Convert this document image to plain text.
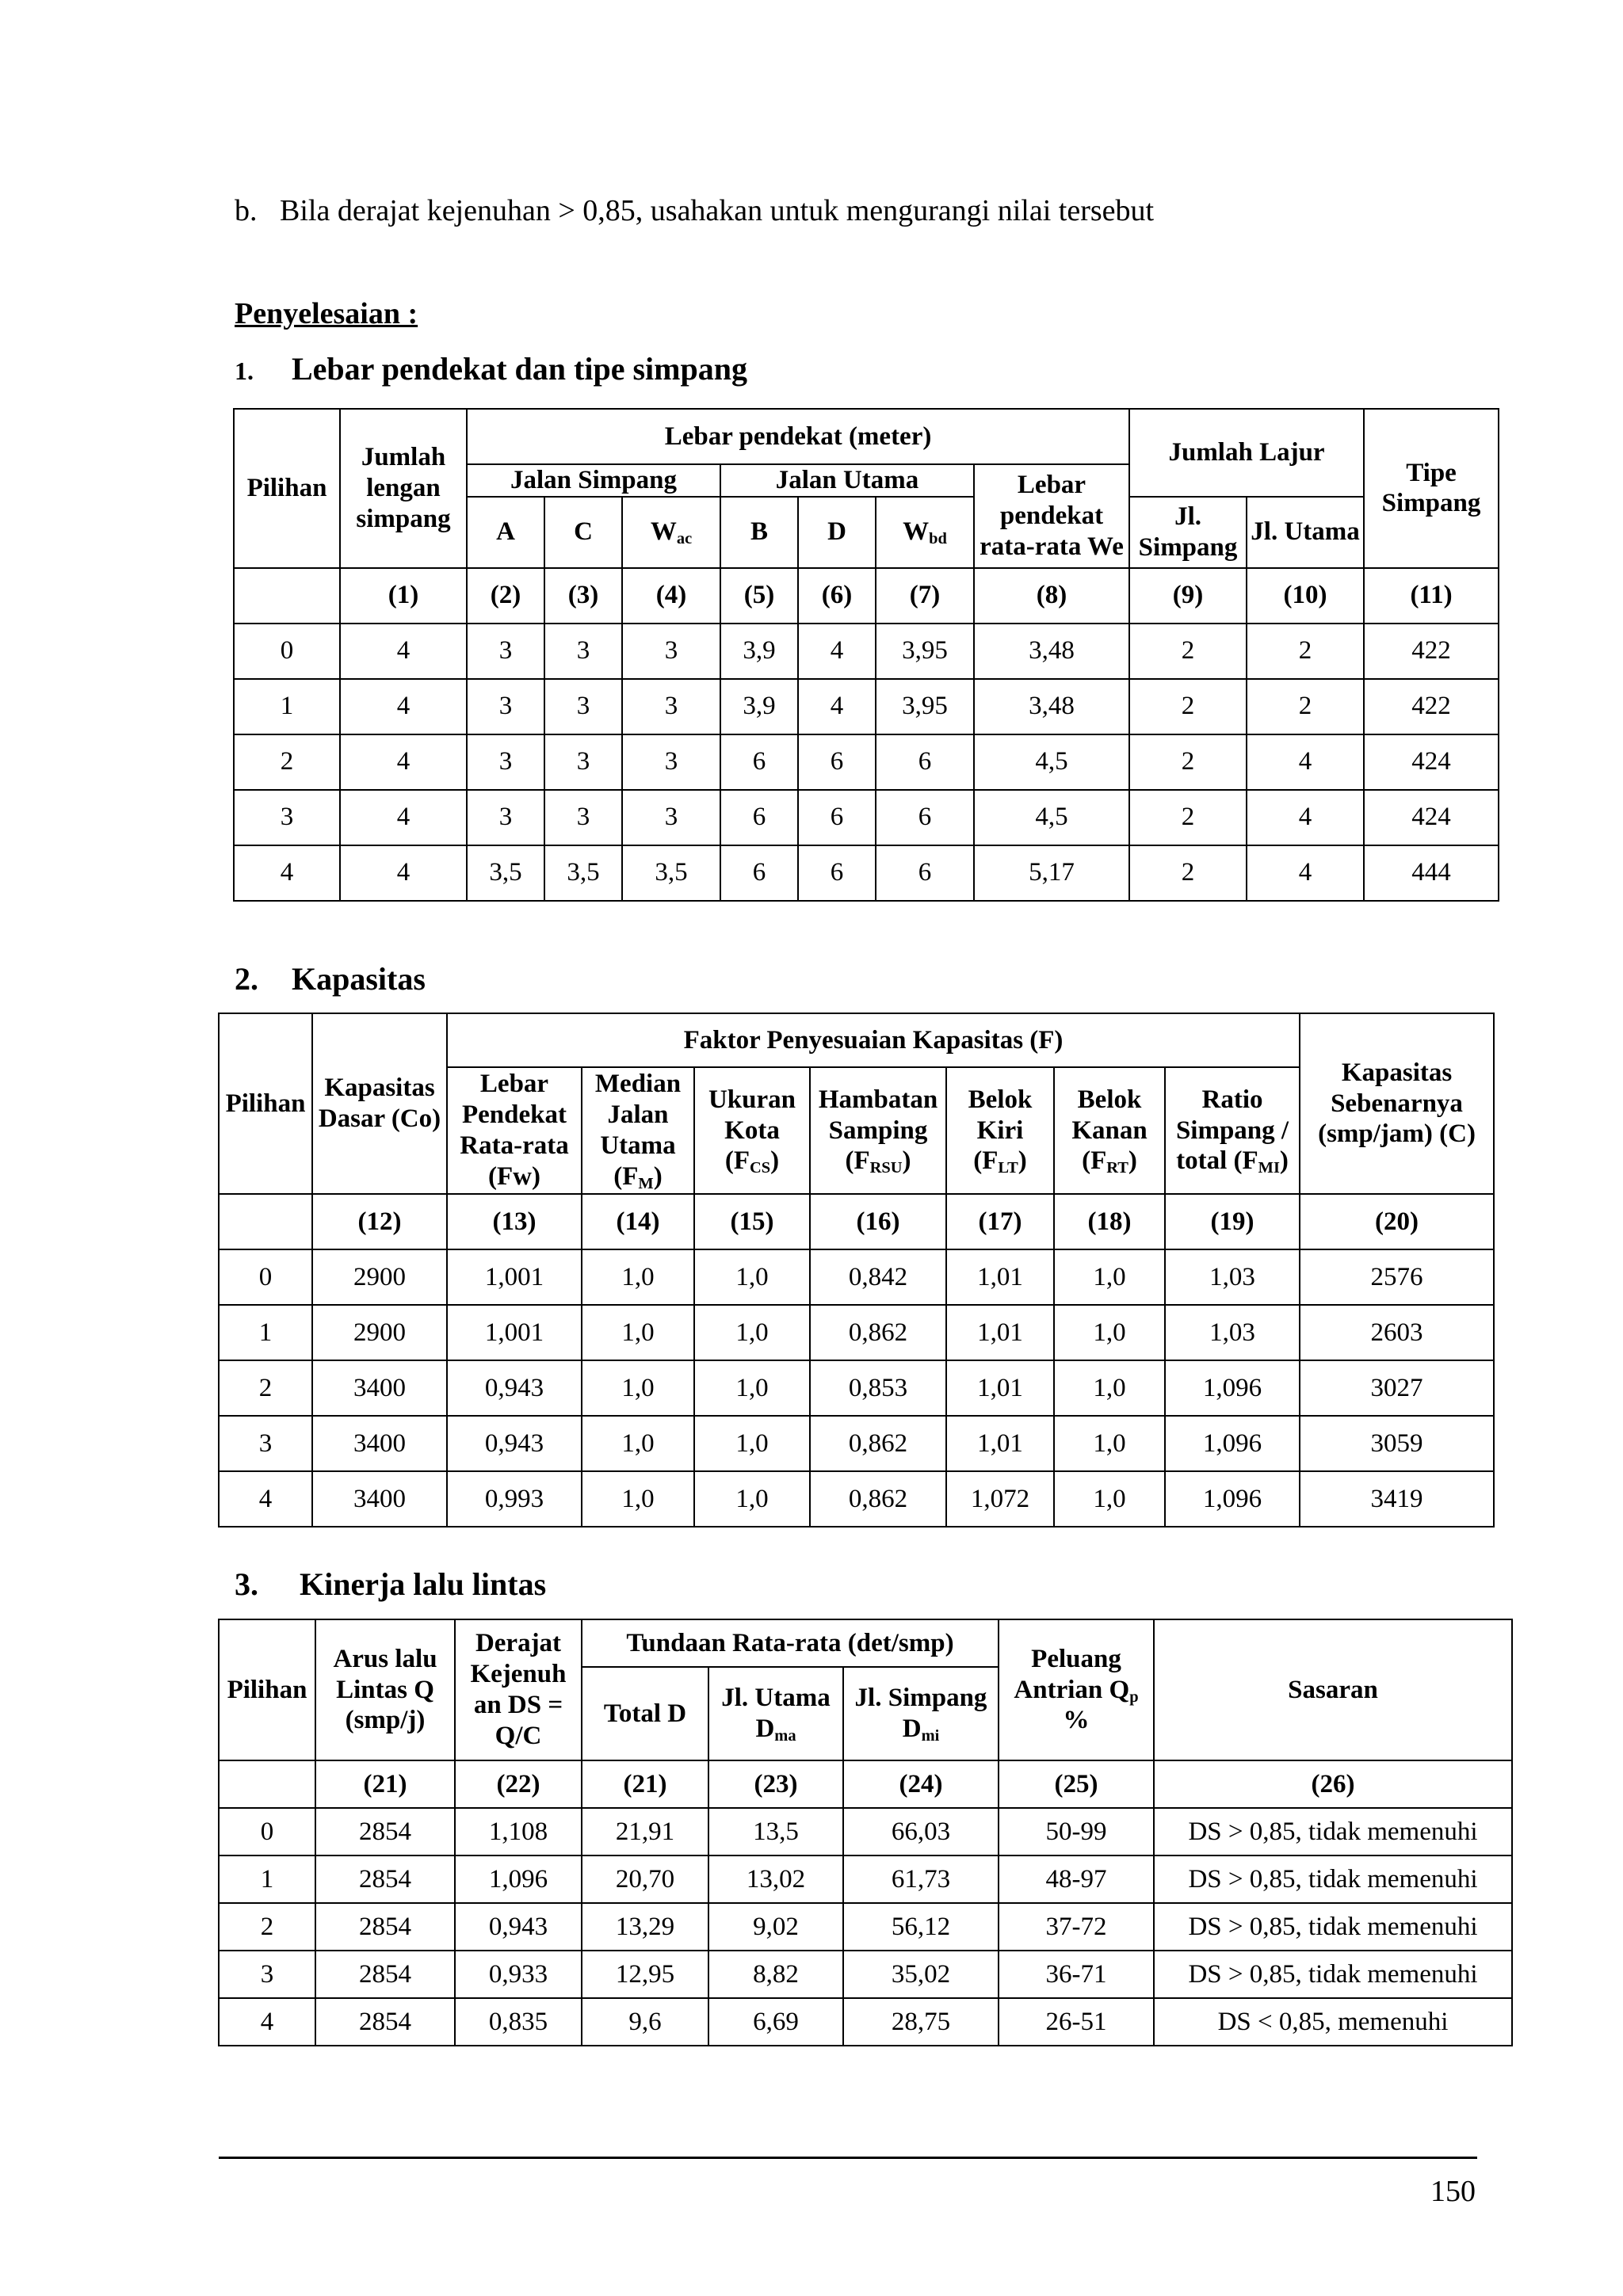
b.   Bila derajat kejenuhan > 0,85, usahakan untuk mengurangi nilai tersebut
Penyelesaian :
1. Lebar pendekat dan tipe simpang
Pilihan	Jumlah lengan simpang	Lebar pendekat (meter)							Jumlah Lajur		Tipe Simpang
		Jalan Simpang			Jalan Utama			Lebar pendekat rata-rata We			
		A	C	$W_{ac}$	B	D	$W_{bd}$		Jl. Simpang	Jl. Utama	
	(1)	(2)	(3)	(4)	(5)	(6)	(7)	(8)	(9)	(10)	(11)
0	4	3	3	3	3,9	4	3,95	3,48	2	2	422
1	4	3	3	3	3,9	4	3,95	3,48	2	2	422
2	4	3	3	3	6	6	6	4,5	2	4	424
3	4	3	3	3	6	6	6	4,5	2	4	424
4	4	3,5	3,5	3,5	6	6	6	5,17	2	4	444
2. Kapasitas
Pilihan	Kapasitas Dasar (Co)	Faktor Penyesuaian Kapasitas (F)							Kapasitas Sebenarnya (smp/jam) (C)
		Lebar Pendekat Rata-rata (Fw)	Median Jalan Utama $(F_M)$	Ukuran Kota $(F_{CS})$	Hambatan Samping $(F_{RSU})$	Belok Kiri $(F_{LT})$	Belok Kanan $(F_{RT})$	Ratio Simpang / total $(F_{MI})$	
	(12)	(13)	(14)	(15)	(16)	(17)	(18)	(19)	(20)
0	2900	1,001	1,0	1,0	0,842	1,01	1,0	1,03	2576
1	2900	1,001	1,0	1,0	0,862	1,01	1,0	1,03	2603
2	3400	0,943	1,0	1,0	0,853	1,01	1,0	1,096	3027
3	3400	0,943	1,0	1,0	0,862	1,01	1,0	1,096	3059
4	3400	0,993	1,0	1,0	0,862	1,072	1,0	1,096	3419
3. Kinerja lalu lintas
Pilihan	Arus lalu Lintas Q (smp/j)	Derajat Kejenuh an DS = Q/C	Tundaan Rata-rata (det/smp)			Peluang Antrian $Q_p$ %	Sasaran
			Total D	Jl. Utama $D_{ma}$	Jl. Simpang $D_{mi}$
	(21)	(22)	(21)	(23)	(24)	(25)	(26)
0	2854	1,108	21,91	13,5	66,03	50-99	DS > 0,85, tidak memenuhi
1	2854	1,096	20,70	13,02	61,73	48-97	DS > 0,85, tidak memenuhi
2	2854	0,943	13,29	9,02	56,12	37-72	DS > 0,85, tidak memenuhi
3	2854	0,933	12,95	8,82	35,02	36-71	DS > 0,85, tidak memenuhi
4	2854	0,835	9,6	6,69	28,75	26-51	DS < 0,85, memenuhi
150
